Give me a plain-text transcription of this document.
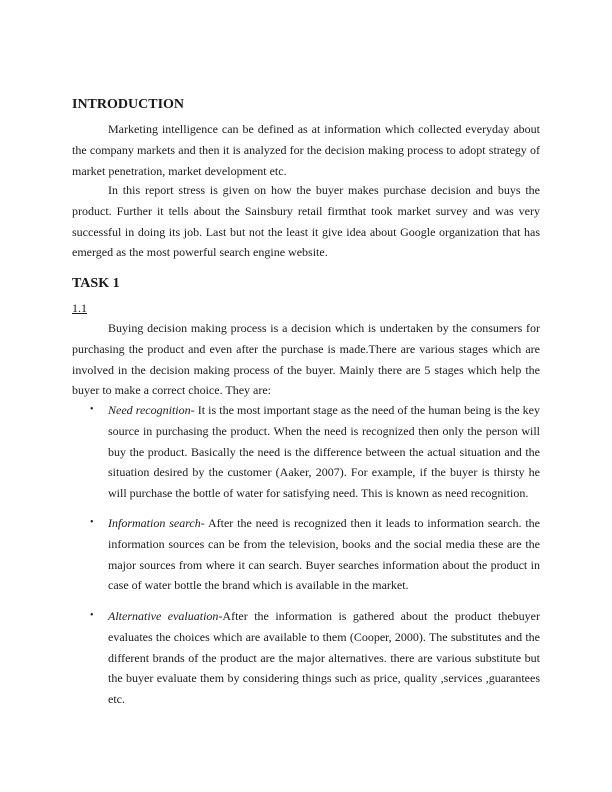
INTRODUCTION

Marketing intelligence can be defined as at information which collected everyday about the company markets and then it is analyzed for the decision making process to adopt strategy of market penetration, market development etc.

In this report stress is given on how the buyer makes purchase decision and buys the product. Further it tells about the Sainsbury retail firmthat took market survey and was very successful in doing its job. Last but not the least it give idea about Google organization that has emerged as the most powerful search engine website.

TASK 1

1.1

Buying decision making process is a decision which is undertaken by the consumers for purchasing the product and even after the purchase is made.There are various stages which are involved in the decision making process of the buyer. Mainly there are 5 stages which help the buyer to make a correct choice. They are:

• Need recognition- It is the most important stage as the need of the human being is the key source in purchasing the product. When the need is recognized then only the person will buy the product. Basically the need is the difference between the actual situation and the situation desired by the customer (Aaker, 2007). For example, if the buyer is thirsty he will purchase the bottle of water for satisfying need. This is known as need recognition.
• Information search- After the need is recognized then it leads to information search. the information sources can be from the television, books and the social media these are the major sources from where it can search. Buyer searches information about the product in case of water bottle the brand which is available in the market.
• Alternative evaluation-After the information is gathered about the product thebuyer evaluates the choices which are available to them (Cooper, 2000). The substitutes and the different brands of the product are the major alternatives. there are various substitute but the buyer evaluate them by considering things such as price, quality ,services ,guarantees etc.
